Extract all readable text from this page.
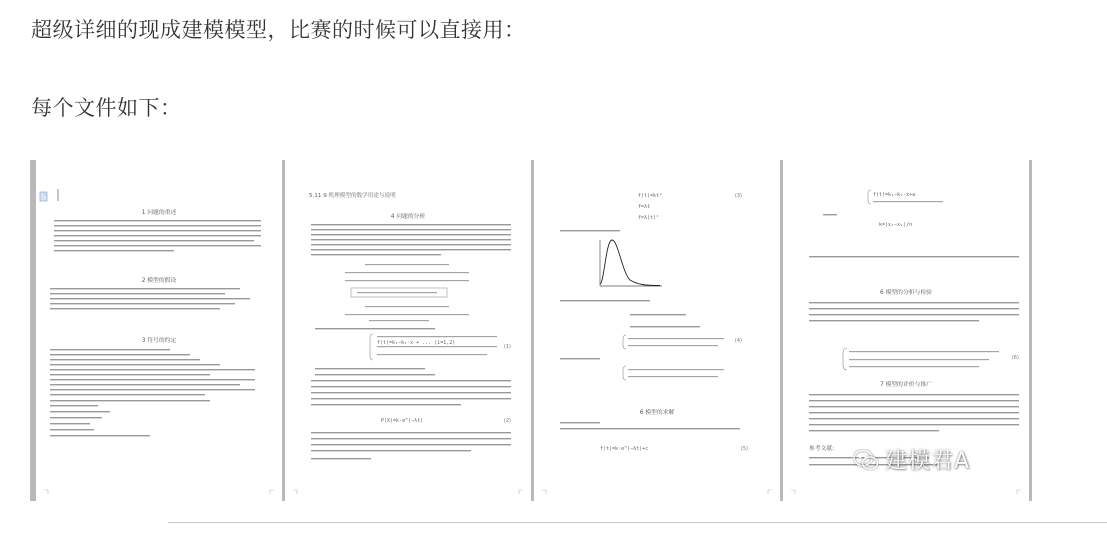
超级详细的现成建模模型，比赛的时候可以直接用：
每个文件如下：
1 问题的重述
2 模型的假设
3 符号的约定
5.11 9 机理模型的数学用途与说明
4 问题的分析
f(t)=k₁−k₂·x + ... (i=1,2)
(1)
P(X)=k·e^(−λt)	(2)
f(t)=kt²
f=λt
f=λ(t)²
(3)
(4)
6 模型的求解
f(t)=k·e^(−λt)+c	(5)
f(t)=k₁−k₂·x+a
k=(x₁−x₂)/n
6 模型的分析与检验
(6)
7 模型的评价与推广
参考文献: 建模君A
